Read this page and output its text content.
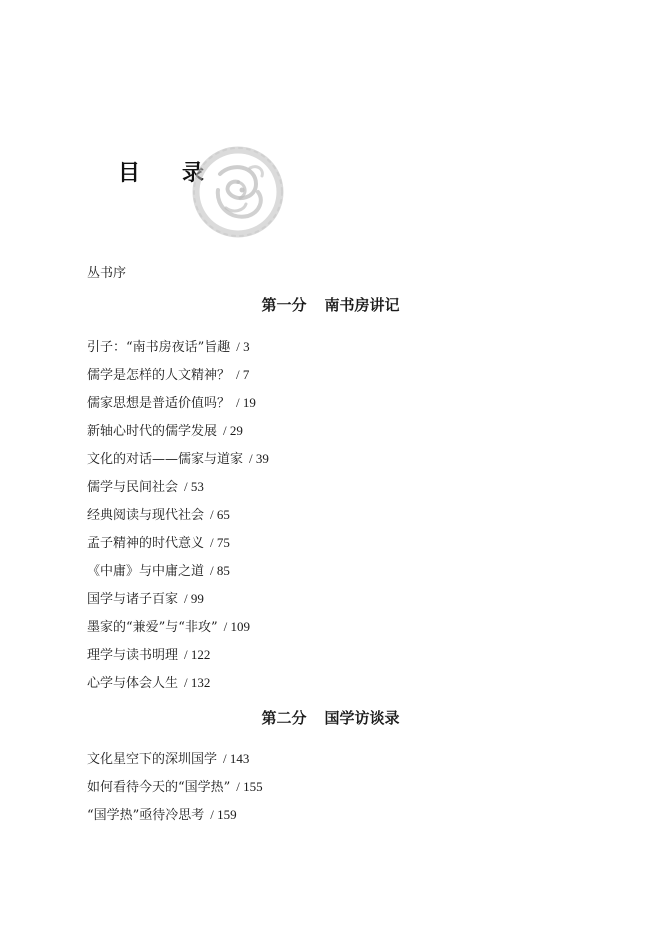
目 录
丛书序
第一分 南书房讲记
引子：“南书房夜话”旨趣 / 3
儒学是怎样的人文精神？ / 7
儒家思想是普适价值吗？ / 19
新轴心时代的儒学发展 / 29
文化的对话——儒家与道家 / 39
儒学与民间社会 / 53
经典阅读与现代社会 / 65
孟子精神的时代意义 / 75
《中庸》与中庸之道 / 85
国学与诸子百家 / 99
墨家的“兼爱”与“非攻” / 109
理学与读书明理 / 122
心学与体会人生 / 132
第二分 国学访谈录
文化星空下的深圳国学 / 143
如何看待今天的“国学热” / 155
“国学热”亟待冷思考 / 159
